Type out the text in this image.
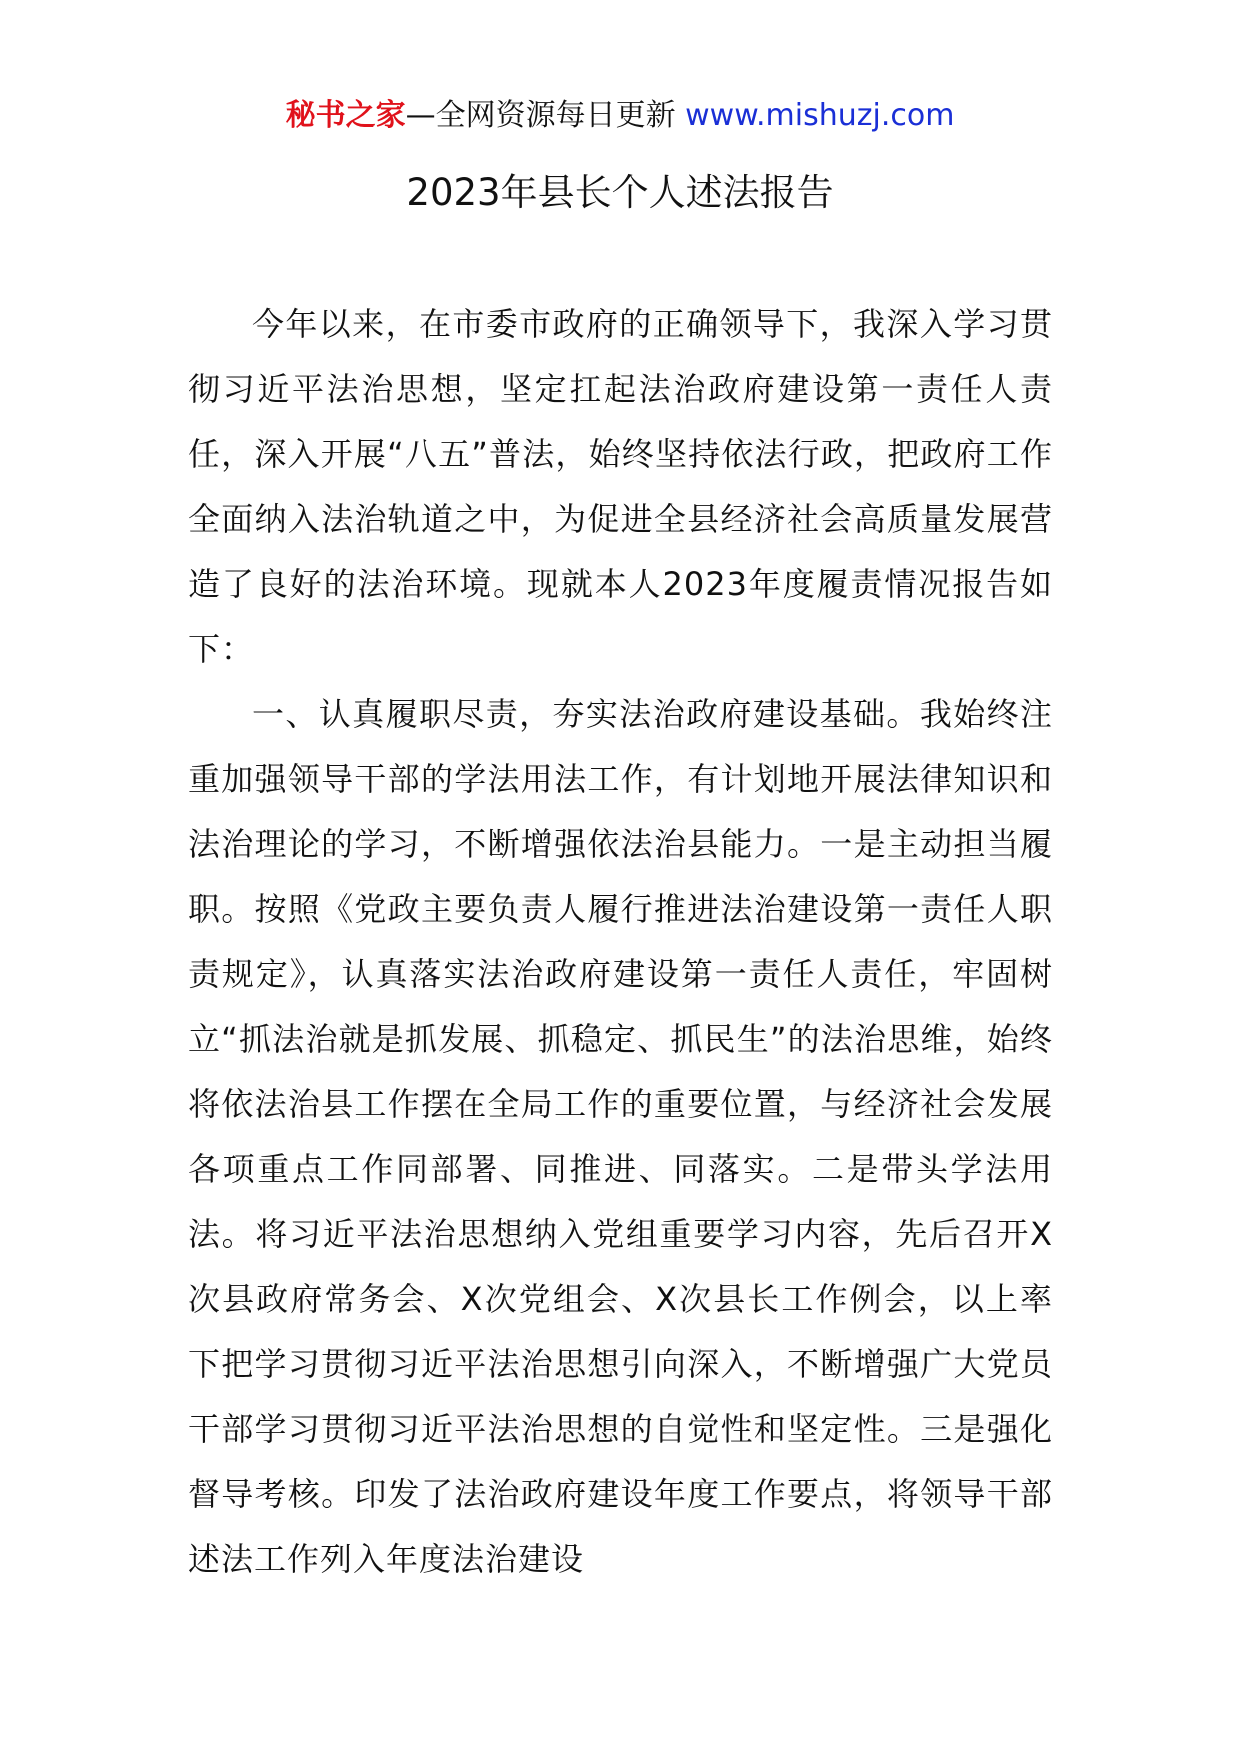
秘书之家—全网资源每日更新 www.mishuzj.com
2023年县长个人述法报告

今年以来，在市委市政府的正确领导下，我深入学习贯彻习近平法治思想，坚定扛起法治政府建设第一责任人责任，深入开展“八五”普法，始终坚持依法行政，把政府工作全面纳入法治轨道之中，为促进全县经济社会高质量发展营造了良好的法治环境。现就本人2023年度履责情况报告如下：

一、认真履职尽责，夯实法治政府建设基础。我始终注重加强领导干部的学法用法工作，有计划地开展法律知识和法治理论的学习，不断增强依法治县能力。一是主动担当履职。按照《党政主要负责人履行推进法治建设第一责任人职责规定》，认真落实法治政府建设第一责任人责任，牢固树立“抓法治就是抓发展、抓稳定、抓民生”的法治思维，始终将依法治县工作摆在全局工作的重要位置，与经济社会发展各项重点工作同部署、同推进、同落实。二是带头学法用法。将习近平法治思想纳入党组重要学习内容，先后召开X次县政府常务会、X次党组会、X次县长工作例会，以上率下把学习贯彻习近平法治思想引向深入，不断增强广大党员干部学习贯彻习近平法治思想的自觉性和坚定性。三是强化督导考核。印发了法治政府建设年度工作要点，将领导干部述法工作列入年度法治建设
